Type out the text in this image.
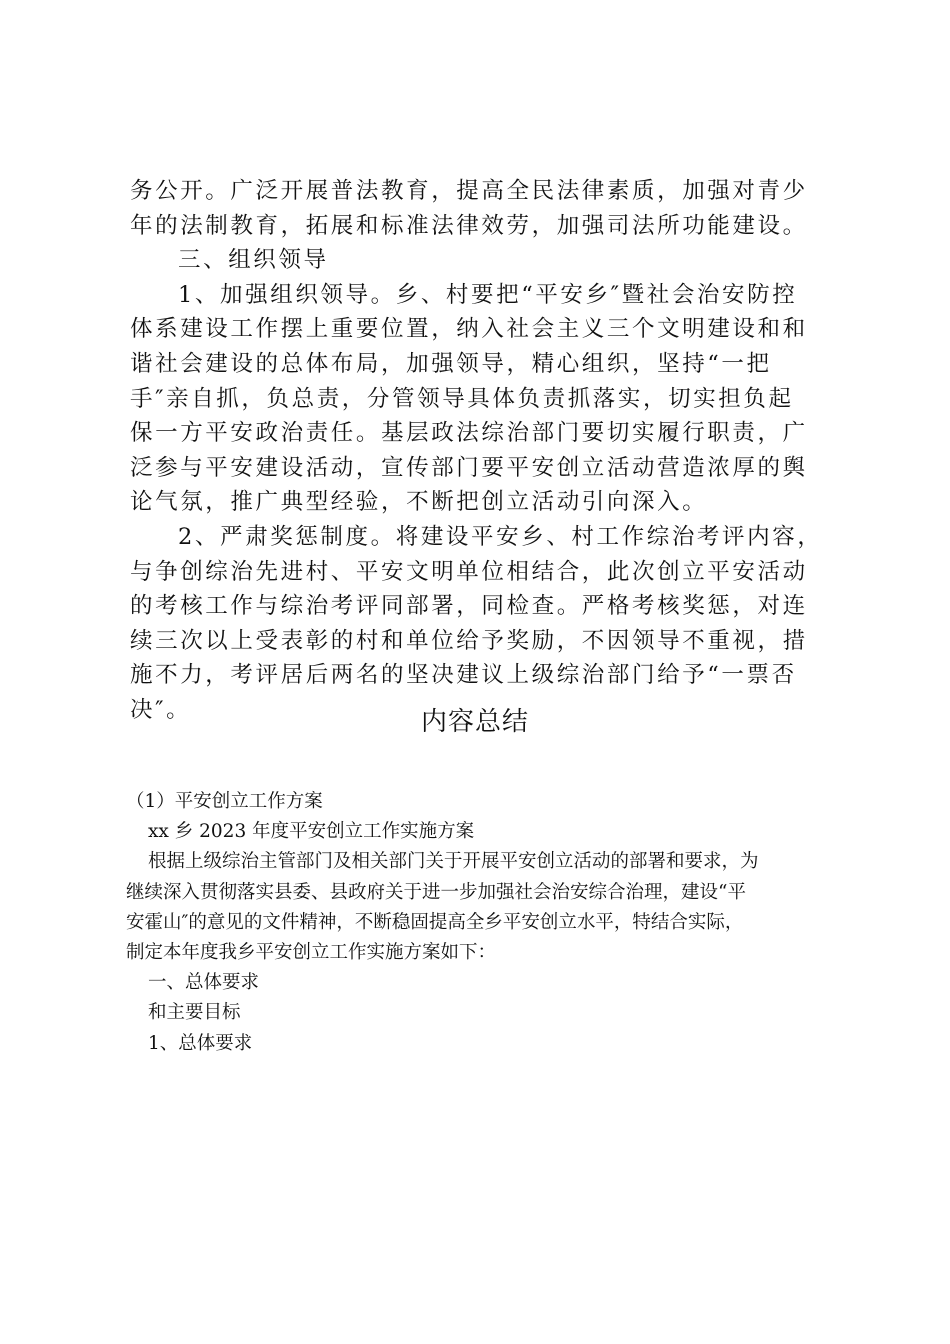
务公开。广泛开展普法教育，提高全民法律素质，加强对青少
年的法制教育，拓展和标准法律效劳，加强司法所功能建设。
三、组织领导
1、加强组织领导。乡、村要把“平安乡″暨社会治安防控
体系建设工作摆上重要位置，纳入社会主义三个文明建设和和
谐社会建设的总体布局，加强领导，精心组织，坚持“一把
手″亲自抓，负总责，分管领导具体负责抓落实，切实担负起
保一方平安政治责任。基层政法综治部门要切实履行职责，广
泛参与平安建设活动，宣传部门要平安创立活动营造浓厚的舆
论气氛，推广典型经验，不断把创立活动引向深入。
2、严肃奖惩制度。将建设平安乡、村工作综治考评内容，
与争创综治先进村、平安文明单位相结合，此次创立平安活动
的考核工作与综治考评同部署，同检查。严格考核奖惩，对连
续三次以上受表彰的村和单位给予奖励，不因领导不重视，措
施不力，考评居后两名的坚决建议上级综治部门给予“一票否
决″。	内容总结
（1）平安创立工作方案
xx 乡 2023 年度平安创立工作实施方案
根据上级综治主管部门及相关部门关于开展平安创立活动的部署和要求，为
继续深入贯彻落实县委、县政府关于进一步加强社会治安综合治理，建设“平
安霍山″的意见的文件精神，不断稳固提高全乡平安创立水平，特结合实际，
制定本年度我乡平安创立工作实施方案如下：
一、总体要求
和主要目标
1、总体要求
